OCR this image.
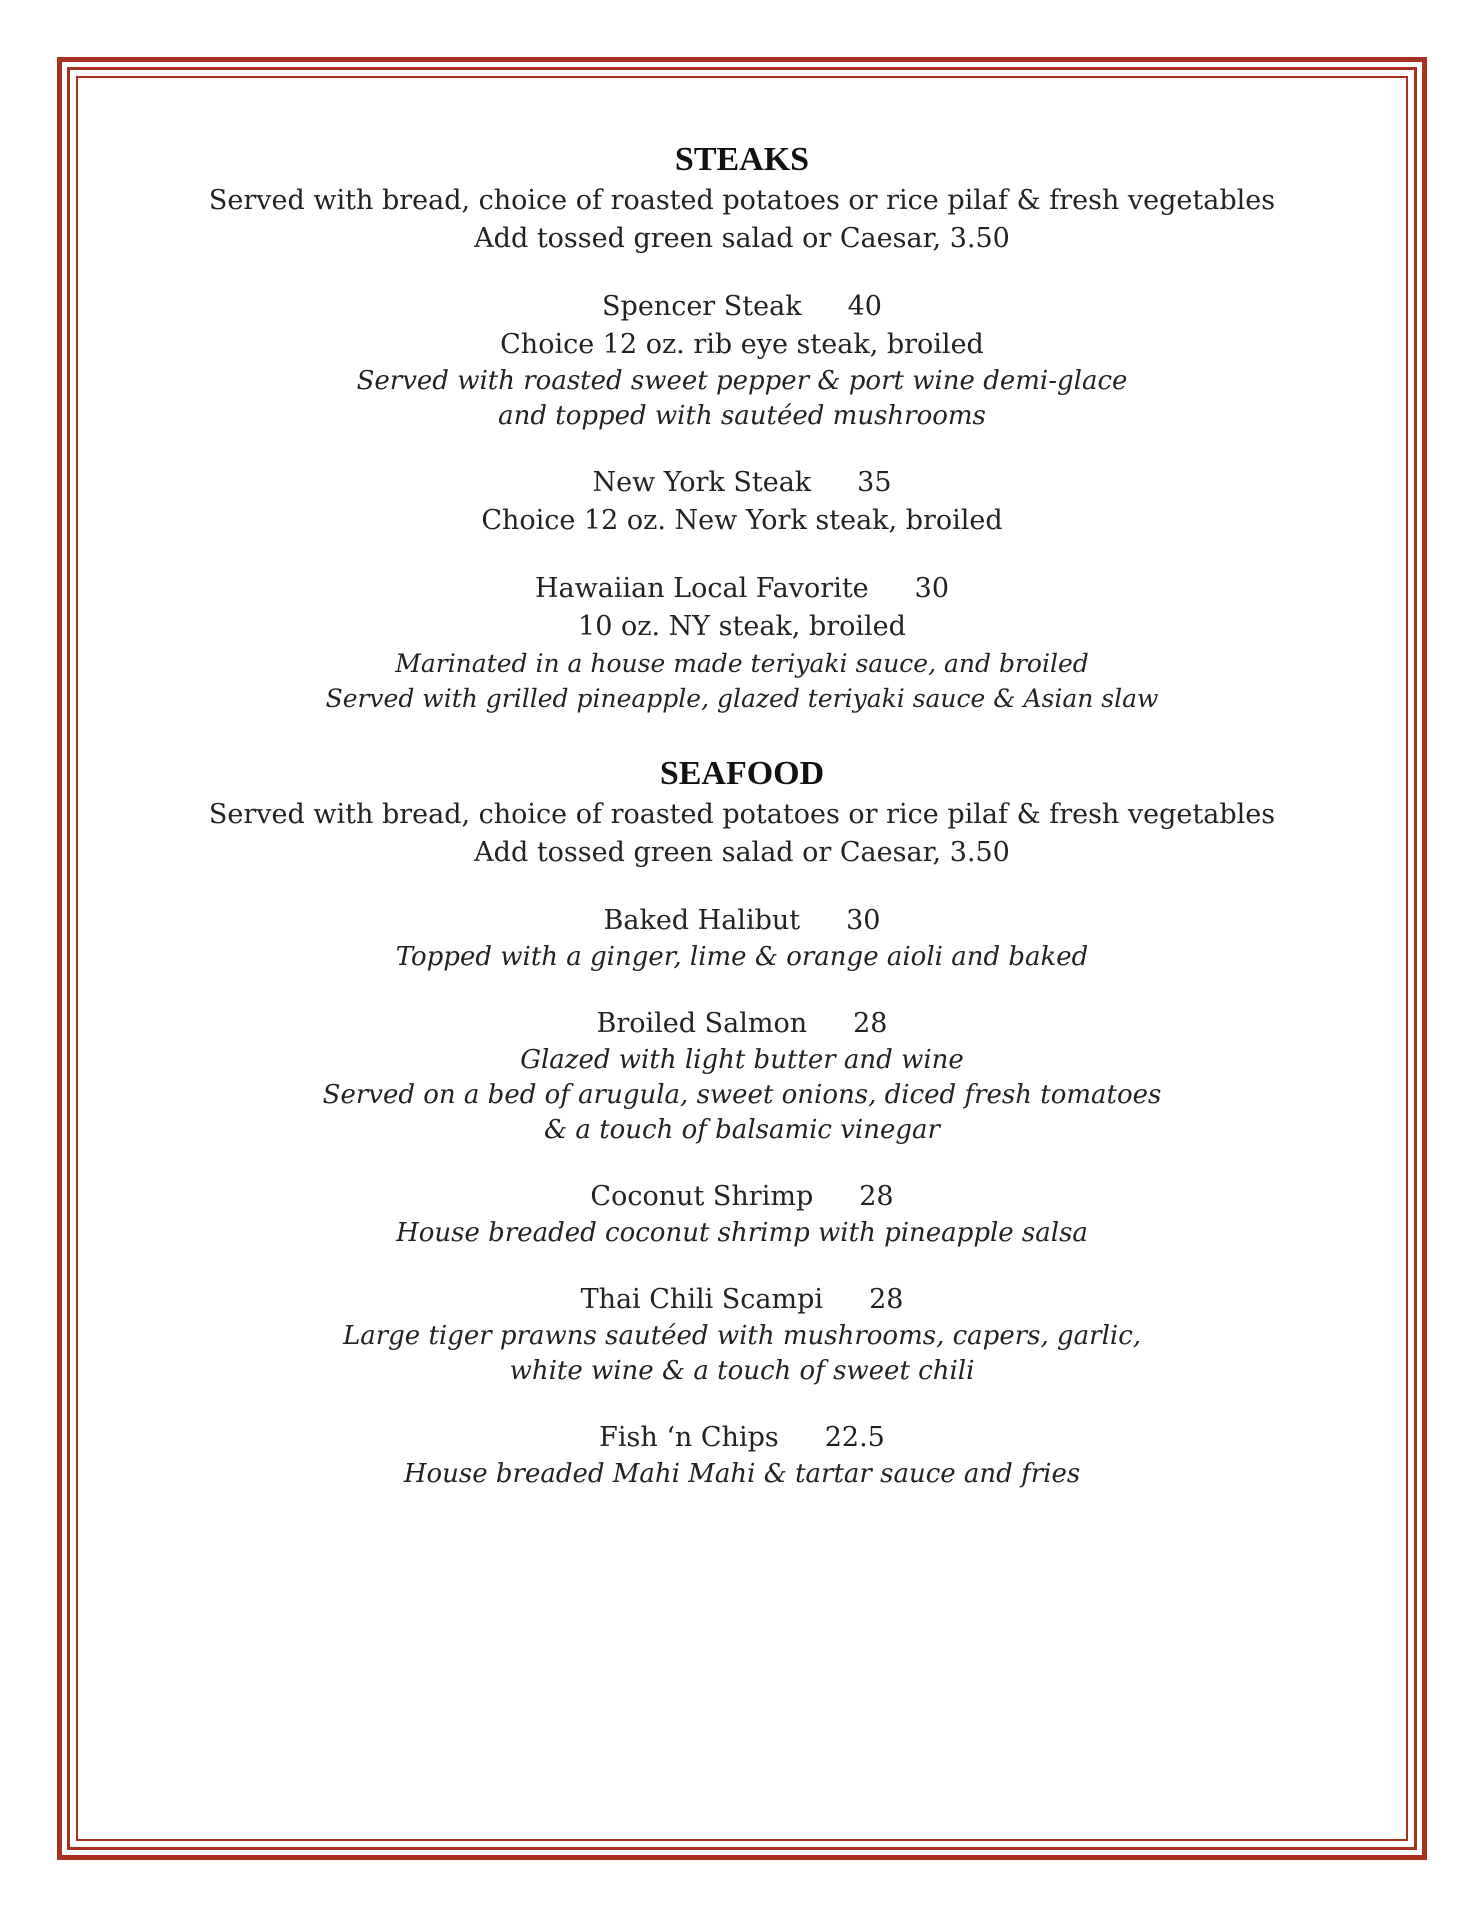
STEAKS

Served with bread, choice of roasted potatoes or rice pilaf & fresh vegetables

Add tossed green salad or Caesar, 3.50

Spencer Steak 40

Choice 12 oz. rib eye steak, broiled

Served with roasted sweet pepper & port wine demi-glace

and topped with sautéed mushrooms

New York Steak 35

Choice 12 oz. New York steak, broiled

Hawaiian Local Favorite 30

10 oz. NY steak, broiled

Marinated in a house made teriyaki sauce, and broiled

Served with grilled pineapple, glazed teriyaki sauce & Asian slaw

SEAFOOD

Served with bread, choice of roasted potatoes or rice pilaf & fresh vegetables

Add tossed green salad or Caesar, 3.50

Baked Halibut 30

Topped with a ginger, lime & orange aioli and baked

Broiled Salmon 28

Glazed with light butter and wine

Served on a bed of arugula, sweet onions, diced fresh tomatoes

& a touch of balsamic vinegar

Coconut Shrimp 28

House breaded coconut shrimp with pineapple salsa

Thai Chili Scampi 28

Large tiger prawns sautéed with mushrooms, capers, garlic,

white wine & a touch of sweet chili

Fish ‘n Chips 22.5

House breaded Mahi Mahi & tartar sauce and fries
